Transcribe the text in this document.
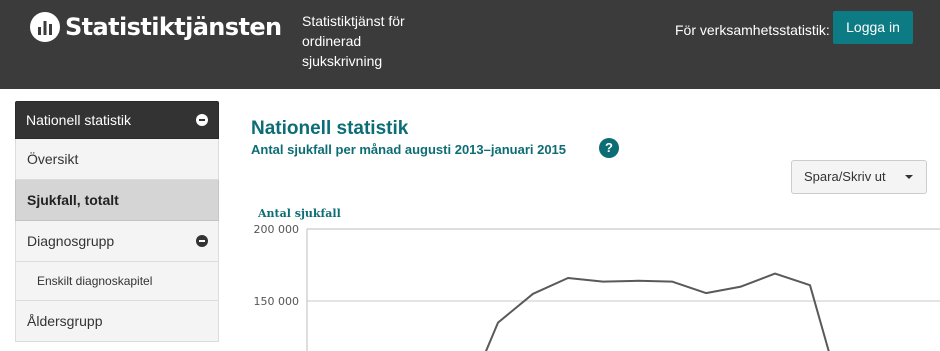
Statistiktjänsten Statistiktjänst för
ordinerad
sjukskrivning
För verksamhetsstatistik:	Logga in
Nationell statistik
Översikt
Sjukfall, totalt
Diagnosgrupp
Enskilt diagnoskapitel
Åldersgrupp
Nationell statistik
Antal sjukfall per månad augusti 2013–januari 2015	?
Spara/Skriv ut
Antal sjukfall
200 000
150 000
